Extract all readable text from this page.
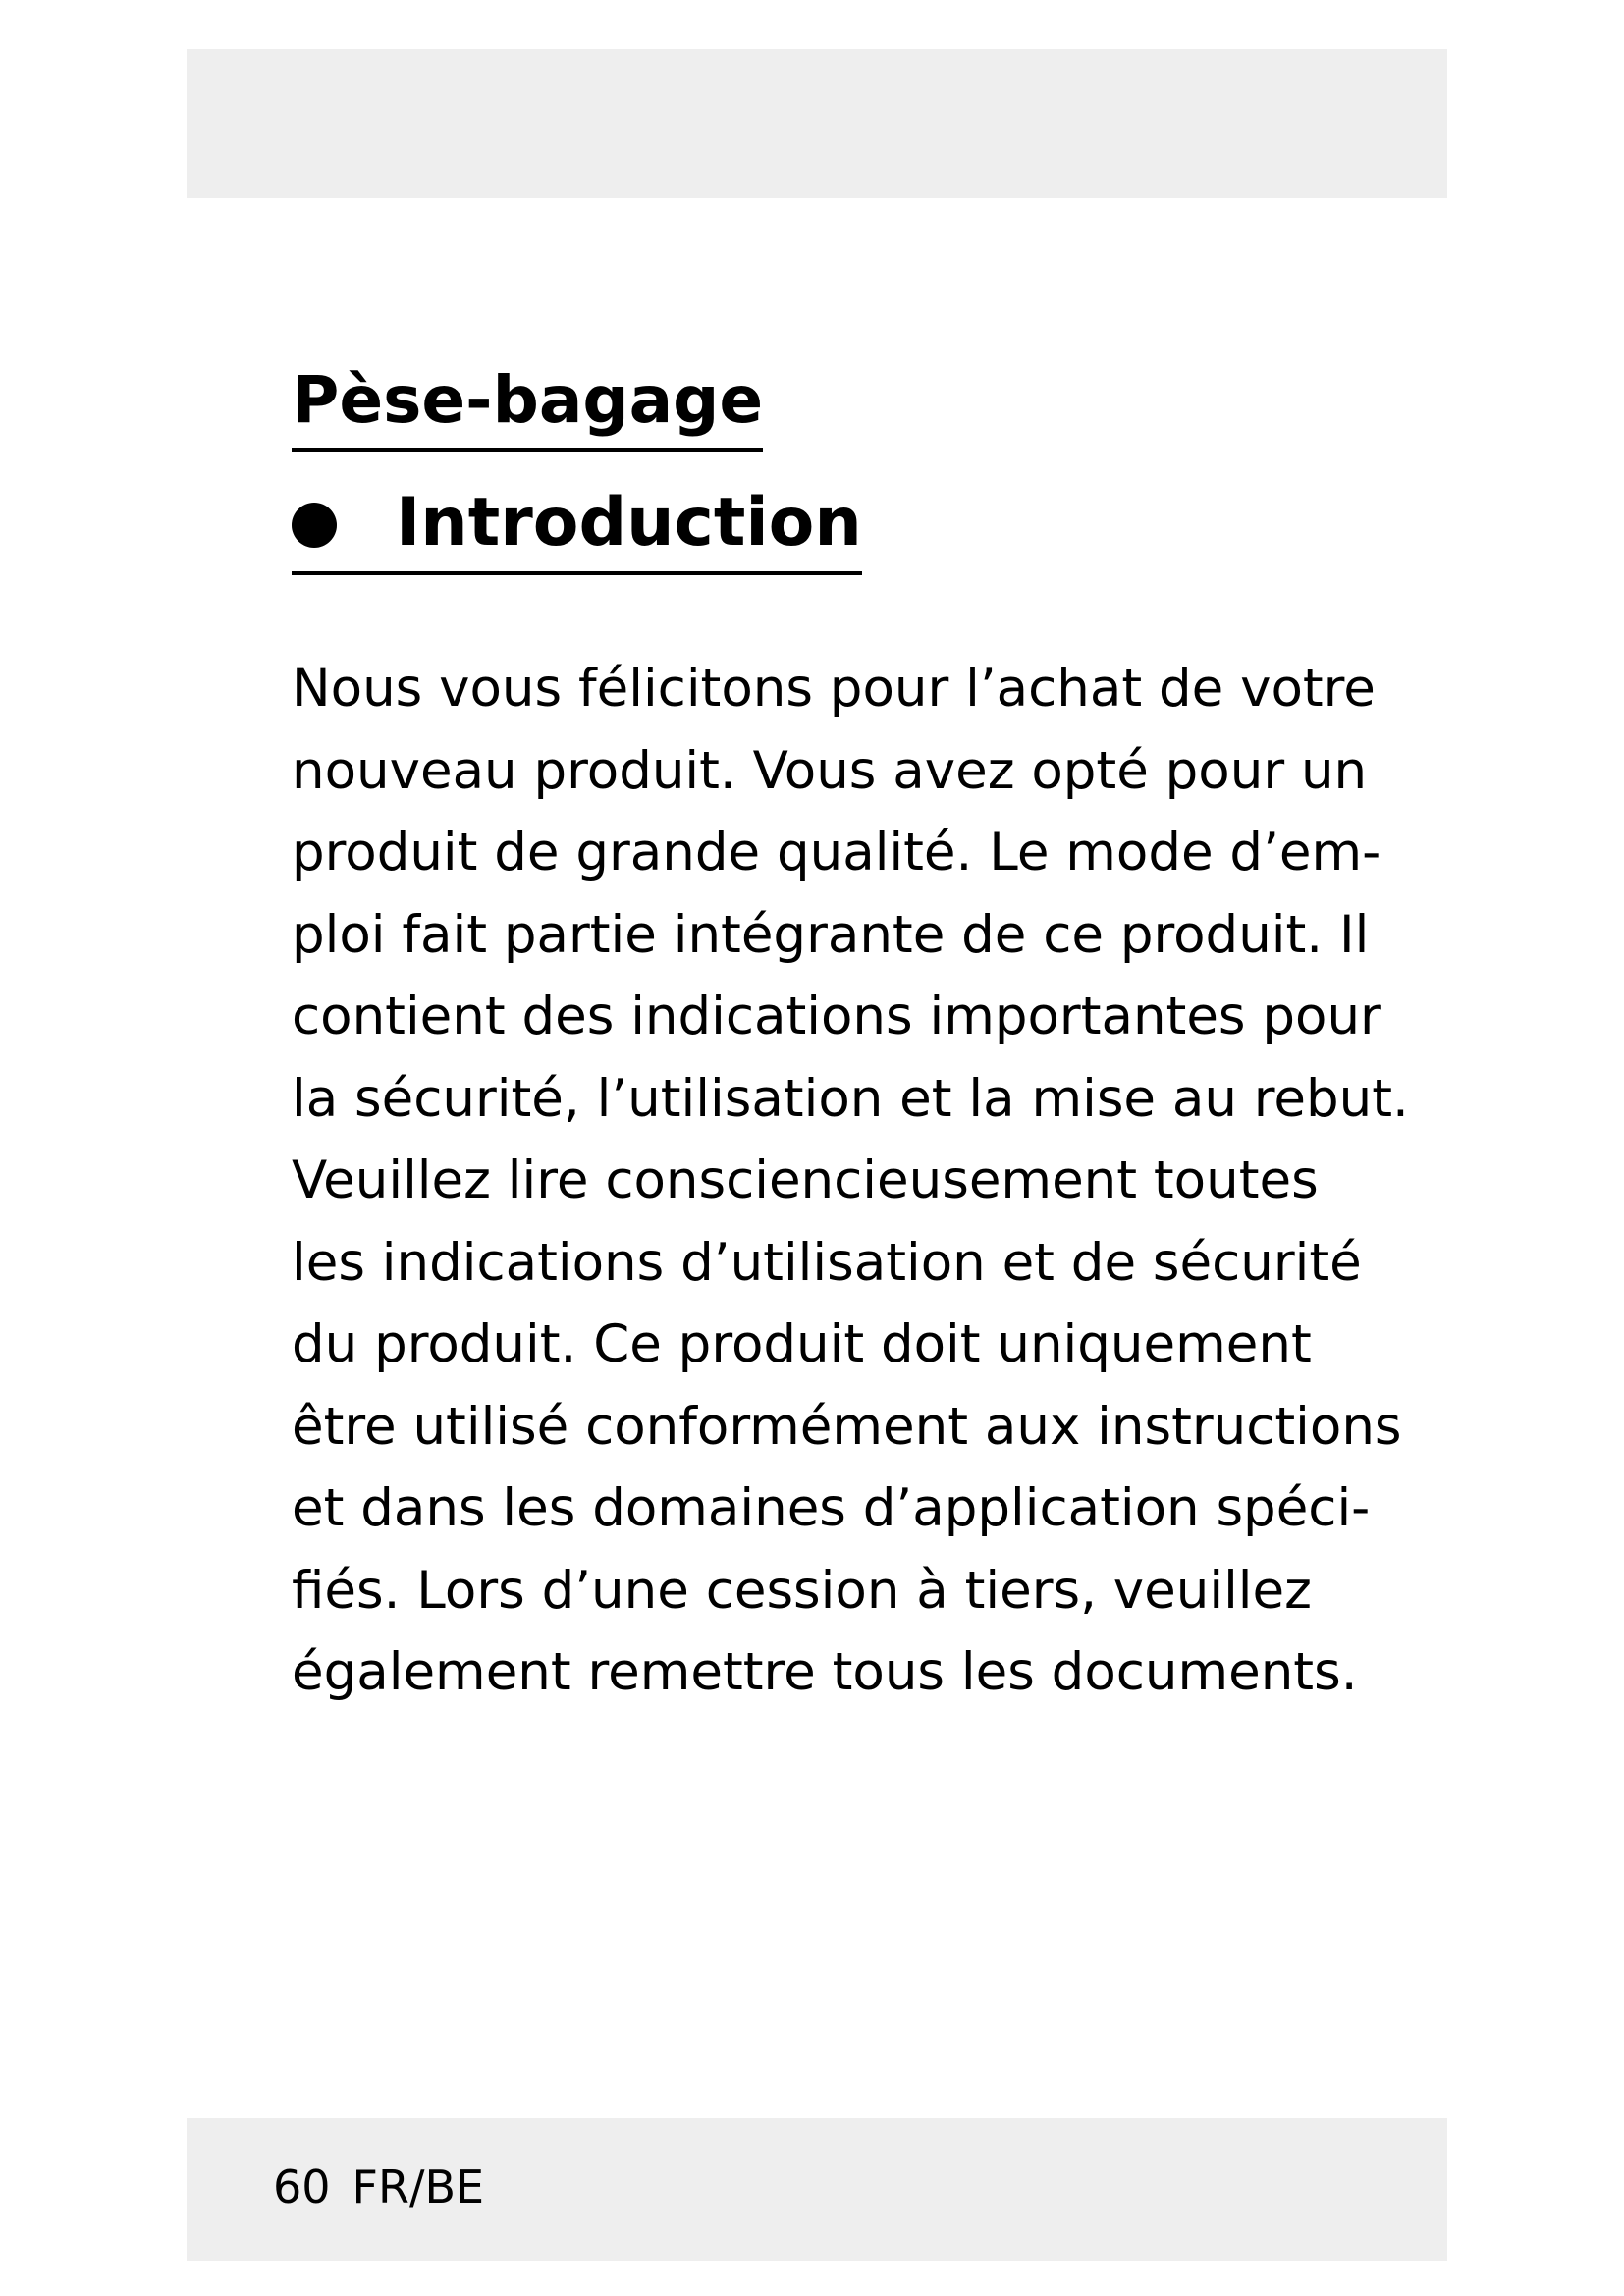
Pèse-bagage
Introduction
Nous vous félicitons pour l’achat de votre
nouveau produit. Vous avez opté pour un
produit de grande qualité. Le mode d’em-
ploi fait partie intégrante de ce produit. Il
contient des indications importantes pour
la sécurité, l’utilisation et la mise au rebut.
Veuillez lire consciencieusement toutes
les indications d’utilisation et de sécurité
du produit. Ce produit doit uniquement
être utilisé conformément aux instructions
et dans les domaines d’application spéci-
fiés. Lors d’une cession à tiers, veuillez
également remettre tous les documents.
60 FR/BE
